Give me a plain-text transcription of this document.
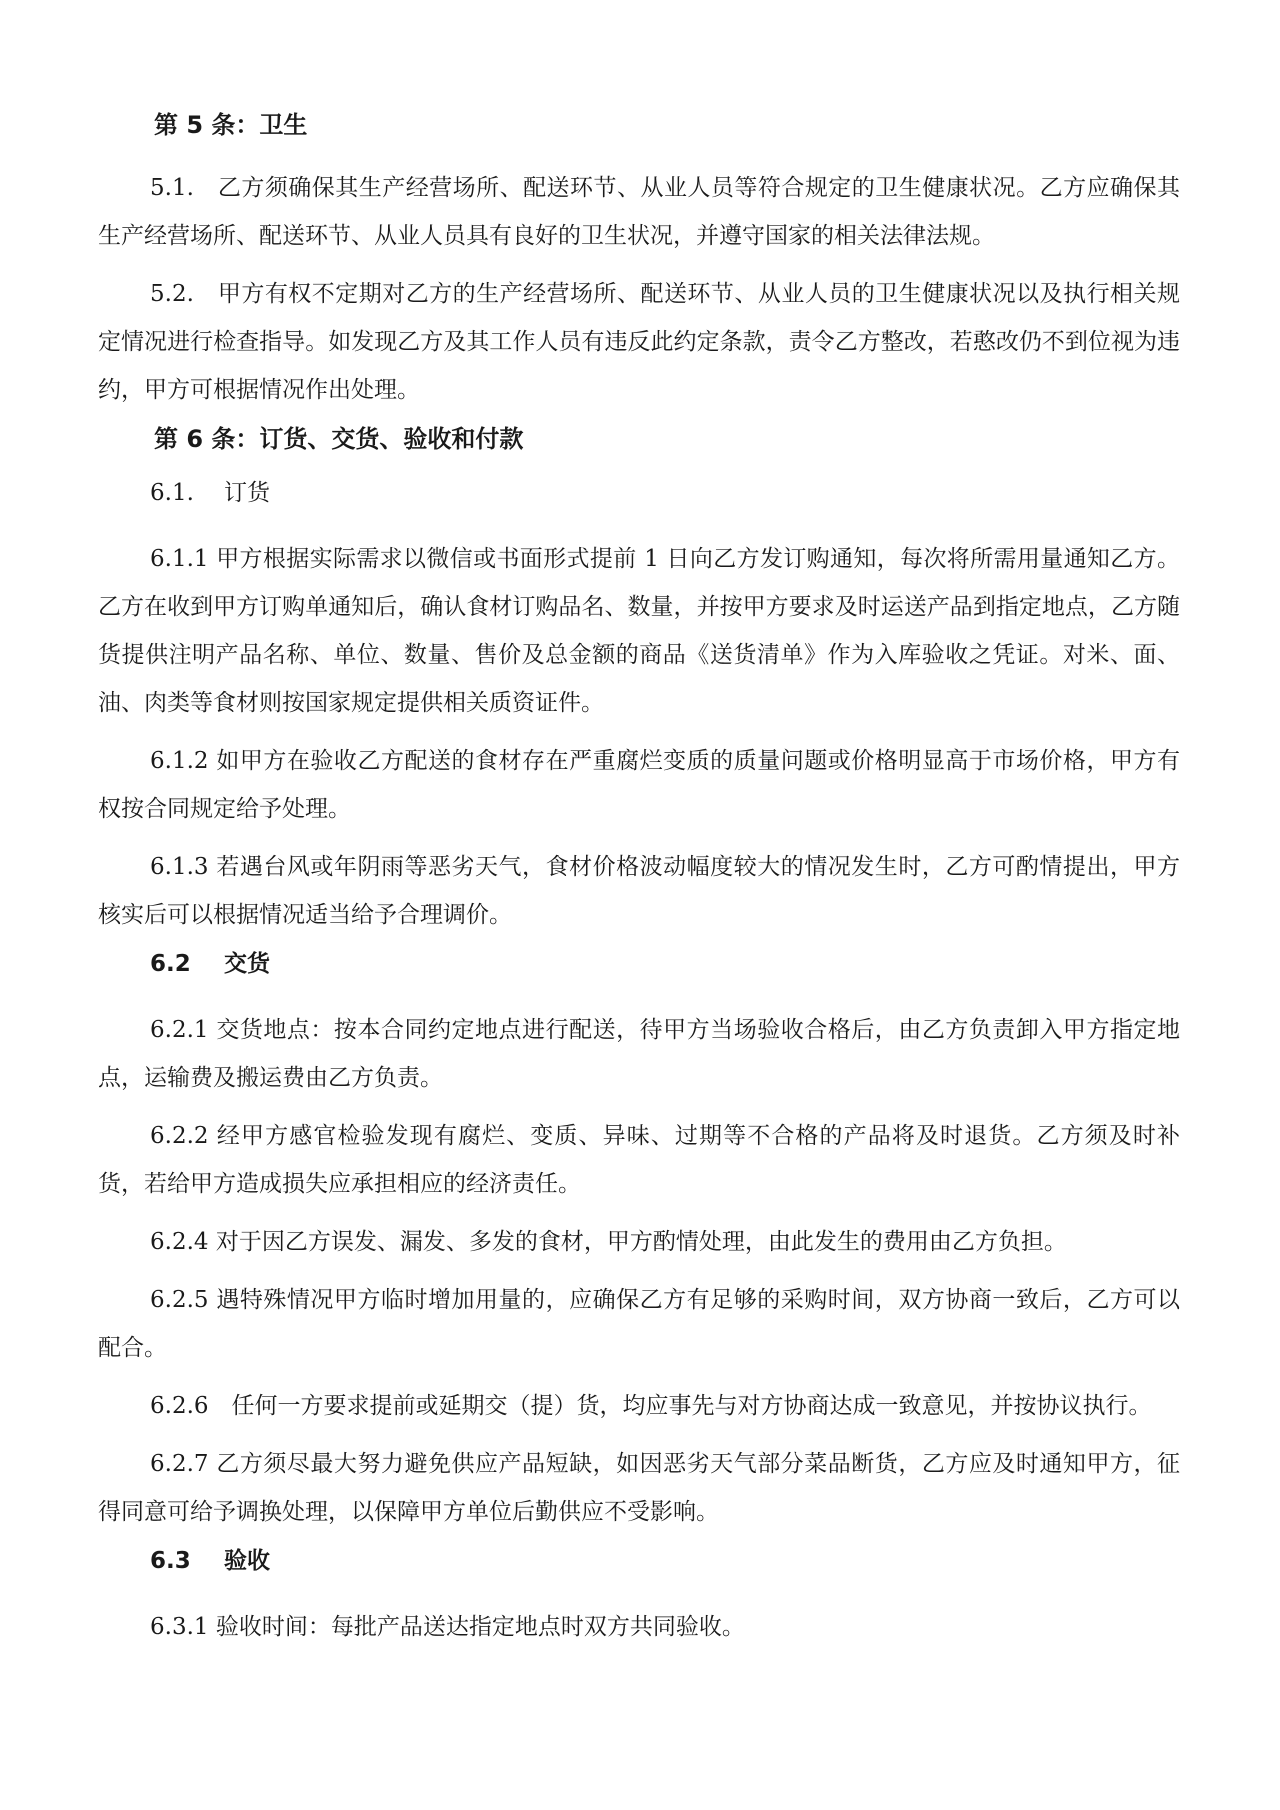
第 5 条：卫生

5.1.　 乙方须确保其生产经营场所、配送环节、从业人员等符合规定的卫生健康状况。乙方应确保其生产经营场所、配送环节、从业人员具有良好的卫生状况，并遵守国家的相关法律法规。

5.2.　 甲方有权不定期对乙方的生产经营场所、配送环节、从业人员的卫生健康状况以及执行相关规定情况进行检查指导。如发现乙方及其工作人员有违反此约定条款，责令乙方整改，若憨改仍不到位视为违约，甲方可根据情况作出处理。

第 6 条：订货、交货、验收和付款
6.1. 订货

6.1.1 甲方根据实际需求以微信或书面形式提前 1 日向乙方发订购通知，每次将所需用量通知乙方。乙方在收到甲方订购单通知后，确认食材订购品名、数量，并按甲方要求及时运送产品到指定地点，乙方随货提供注明产品名称、单位、数量、售价及总金额的商品《送货清单》作为入库验收之凭证。对米、面、油、肉类等食材则按国家规定提供相关质资证件。

6.1.2 如甲方在验收乙方配送的食材存在严重腐烂变质的质量问题或价格明显高于市场价格，甲方有权按合同规定给予处理。

6.1.3 若遇台风或年阴雨等恶劣天气，食材价格波动幅度较大的情况发生时，乙方可酌情提出，甲方核实后可以根据情况适当给予合理调价。

6.2 交货

6.2.1 交货地点：按本合同约定地点进行配送，待甲方当场验收合格后，由乙方负责卸入甲方指定地点，运输费及搬运费由乙方负责。

6.2.2 经甲方感官检验发现有腐烂、变质、异味、过期等不合格的产品将及时退货。乙方须及时补货，若给甲方造成损失应承担相应的经济责任。

6.2.4 对于因乙方误发、漏发、多发的食材，甲方酌情处理，由此发生的费用由乙方负担。

6.2.5 遇特殊情况甲方临时增加用量的，应确保乙方有足够的采购时间，双方协商一致后，乙方可以配合。

6.2.6　任何一方要求提前或延期交（提）货，均应事先与对方协商达成一致意见，并按协议执行。

6.2.7 乙方须尽最大努力避免供应产品短缺，如因恶劣天气部分菜品断货，乙方应及时通知甲方，征得同意可给予调换处理，以保障甲方单位后勤供应不受影响。

6.3 验收

6.3.1 验收时间：每批产品送达指定地点时双方共同验收。
